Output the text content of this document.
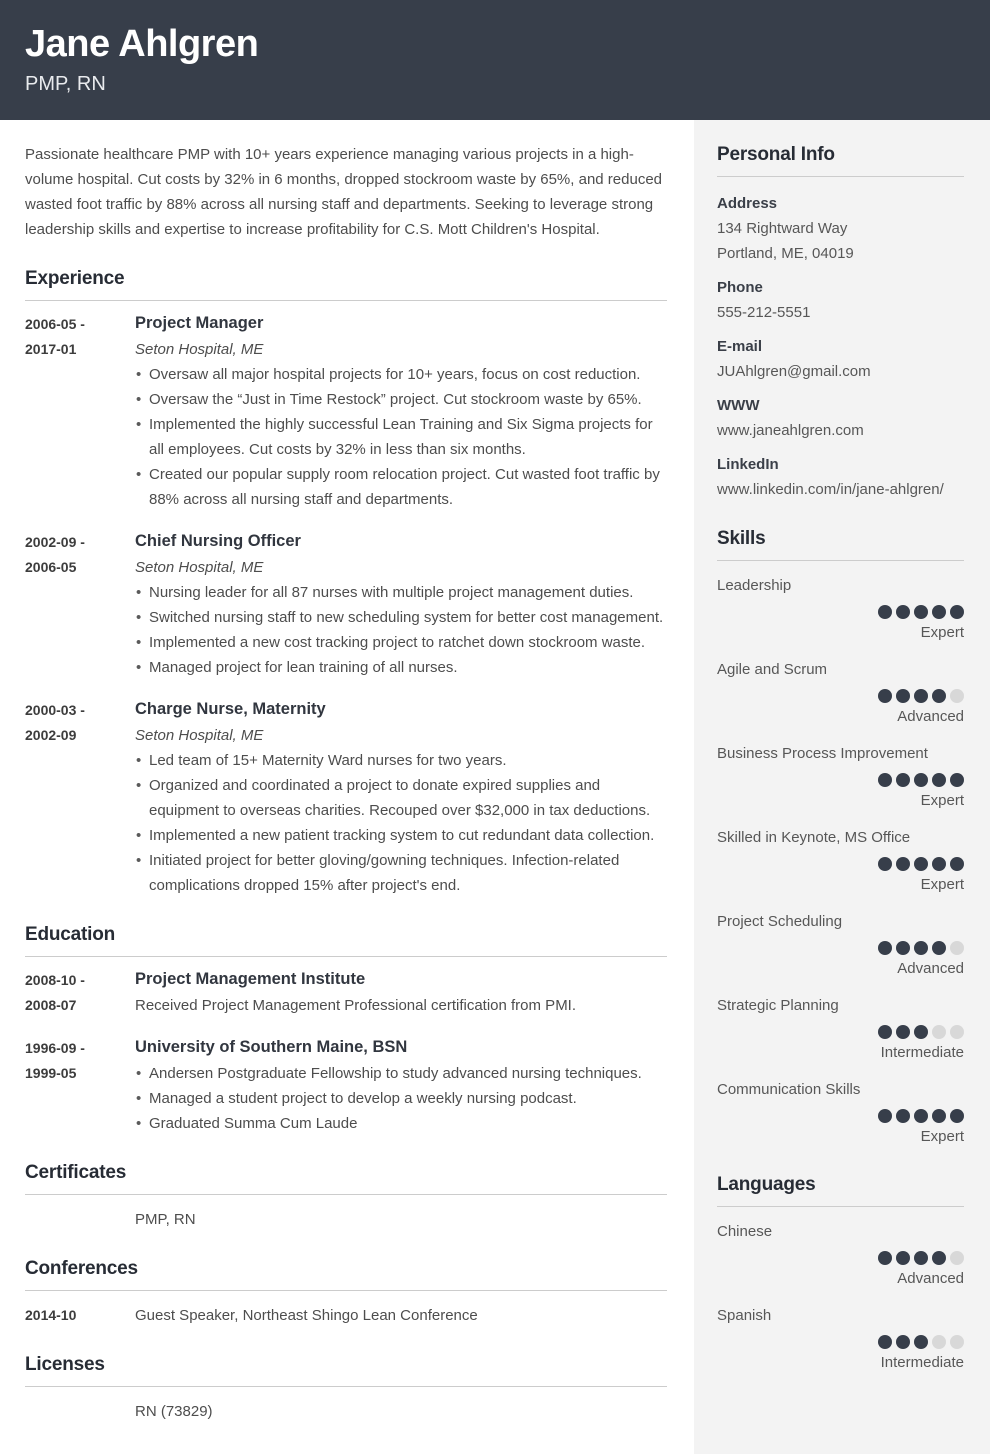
Jane Ahlgren
PMP, RN

Passionate healthcare PMP with 10+ years experience managing various projects in a high-volume hospital. Cut costs by 32% in 6 months, dropped stockroom waste by 65%, and reduced wasted foot traffic by 88% across all nursing staff and departments. Seeking to leverage strong leadership skills and expertise to increase profitability for C.S. Mott Children's Hospital.

Experience
2006-05 -
2017-01
Project Manager
Seton Hospital, ME
• Oversaw all major hospital projects for 10+ years, focus on cost reduction.
• Oversaw the “Just in Time Restock” project. Cut stockroom waste by 65%.
• Implemented the highly successful Lean Training and Six Sigma projects for all employees. Cut costs by 32% in less than six months.
• Created our popular supply room relocation project. Cut wasted foot traffic by 88% across all nursing staff and departments.
2002-09 -
2006-05
Chief Nursing Officer
Seton Hospital, ME
• Nursing leader for all 87 nurses with multiple project management duties.
• Switched nursing staff to new scheduling system for better cost management.
• Implemented a new cost tracking project to ratchet down stockroom waste.
• Managed project for lean training of all nurses.
2000-03 -
2002-09
Charge Nurse, Maternity
Seton Hospital, ME
• Led team of 15+ Maternity Ward nurses for two years.
• Organized and coordinated a project to donate expired supplies and equipment to overseas charities. Recouped over $32,000 in tax deductions.
• Implemented a new patient tracking system to cut redundant data collection.
• Initiated project for better gloving/gowning techniques. Infection-related complications dropped 15% after project's end.
Education
2008-10 -
2008-07
Project Management Institute
Received Project Management Professional certification from PMI.
1996-09 -
1999-05
University of Southern Maine, BSN
• Andersen Postgraduate Fellowship to study advanced nursing techniques.
• Managed a student project to develop a weekly nursing podcast.
• Graduated Summa Cum Laude
Certificates
PMP, RN
Conferences
2014-10	Guest Speaker, Northeast Shingo Lean Conference
Licenses
RN (73829)
Personal Info
Address
134 Rightward Way
Portland, ME, 04019
Phone
555-212-5551
E-mail
JUAhlgren@gmail.com
WWW
www.janeahlgren.com
LinkedIn
www.linkedin.com/in/jane-ahlgren/
Skills
Leadership
Expert
Agile and Scrum
Advanced
Business Process Improvement
Expert
Skilled in Keynote, MS Office
Expert
Project Scheduling
Advanced
Strategic Planning
Intermediate
Communication Skills
Expert
Languages
Chinese
Advanced
Spanish
Intermediate
